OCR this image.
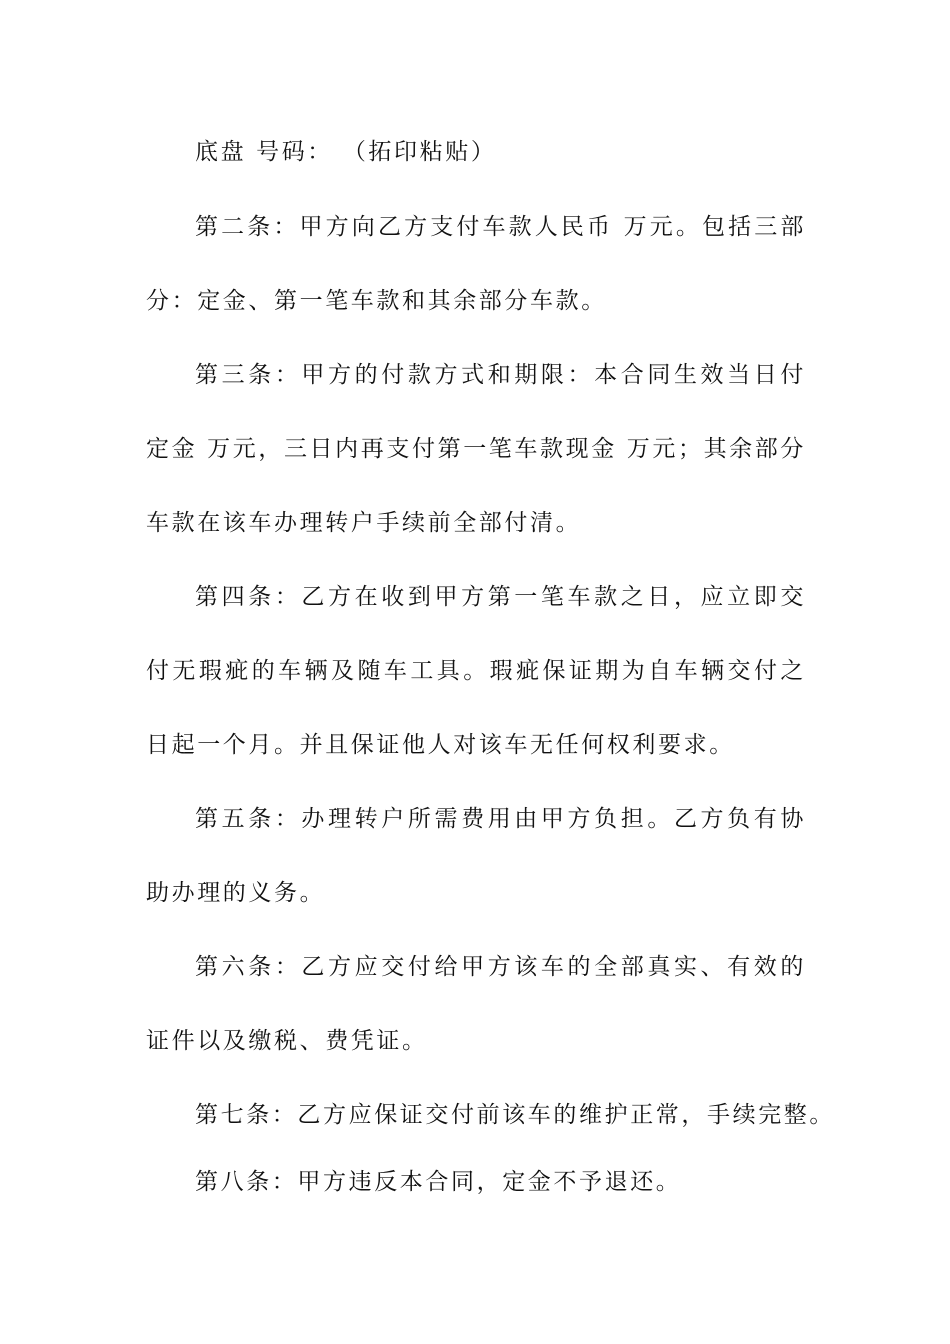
底盘 号码： （拓印粘贴）

第二条：甲方向乙方支付车款人民币 万元。包括三部分：定金、第一笔车款和其余部分车款。

第三条：甲方的付款方式和期限：本合同生效当日付定金 万元，三日内再支付第一笔车款现金 万元；其余部分车款在该车办理转户手续前全部付清。

第四条：乙方在收到甲方第一笔车款之日，应立即交付无瑕疵的车辆及随车工具。瑕疵保证期为自车辆交付之日起一个月。并且保证他人对该车无任何权利要求。

第五条：办理转户所需费用由甲方负担。乙方负有协助办理的义务。

第六条：乙方应交付给甲方该车的全部真实、有效的证件以及缴税、费凭证。

第七条：乙方应保证交付前该车的维护正常，手续完整。

第八条：甲方违反本合同，定金不予退还。
